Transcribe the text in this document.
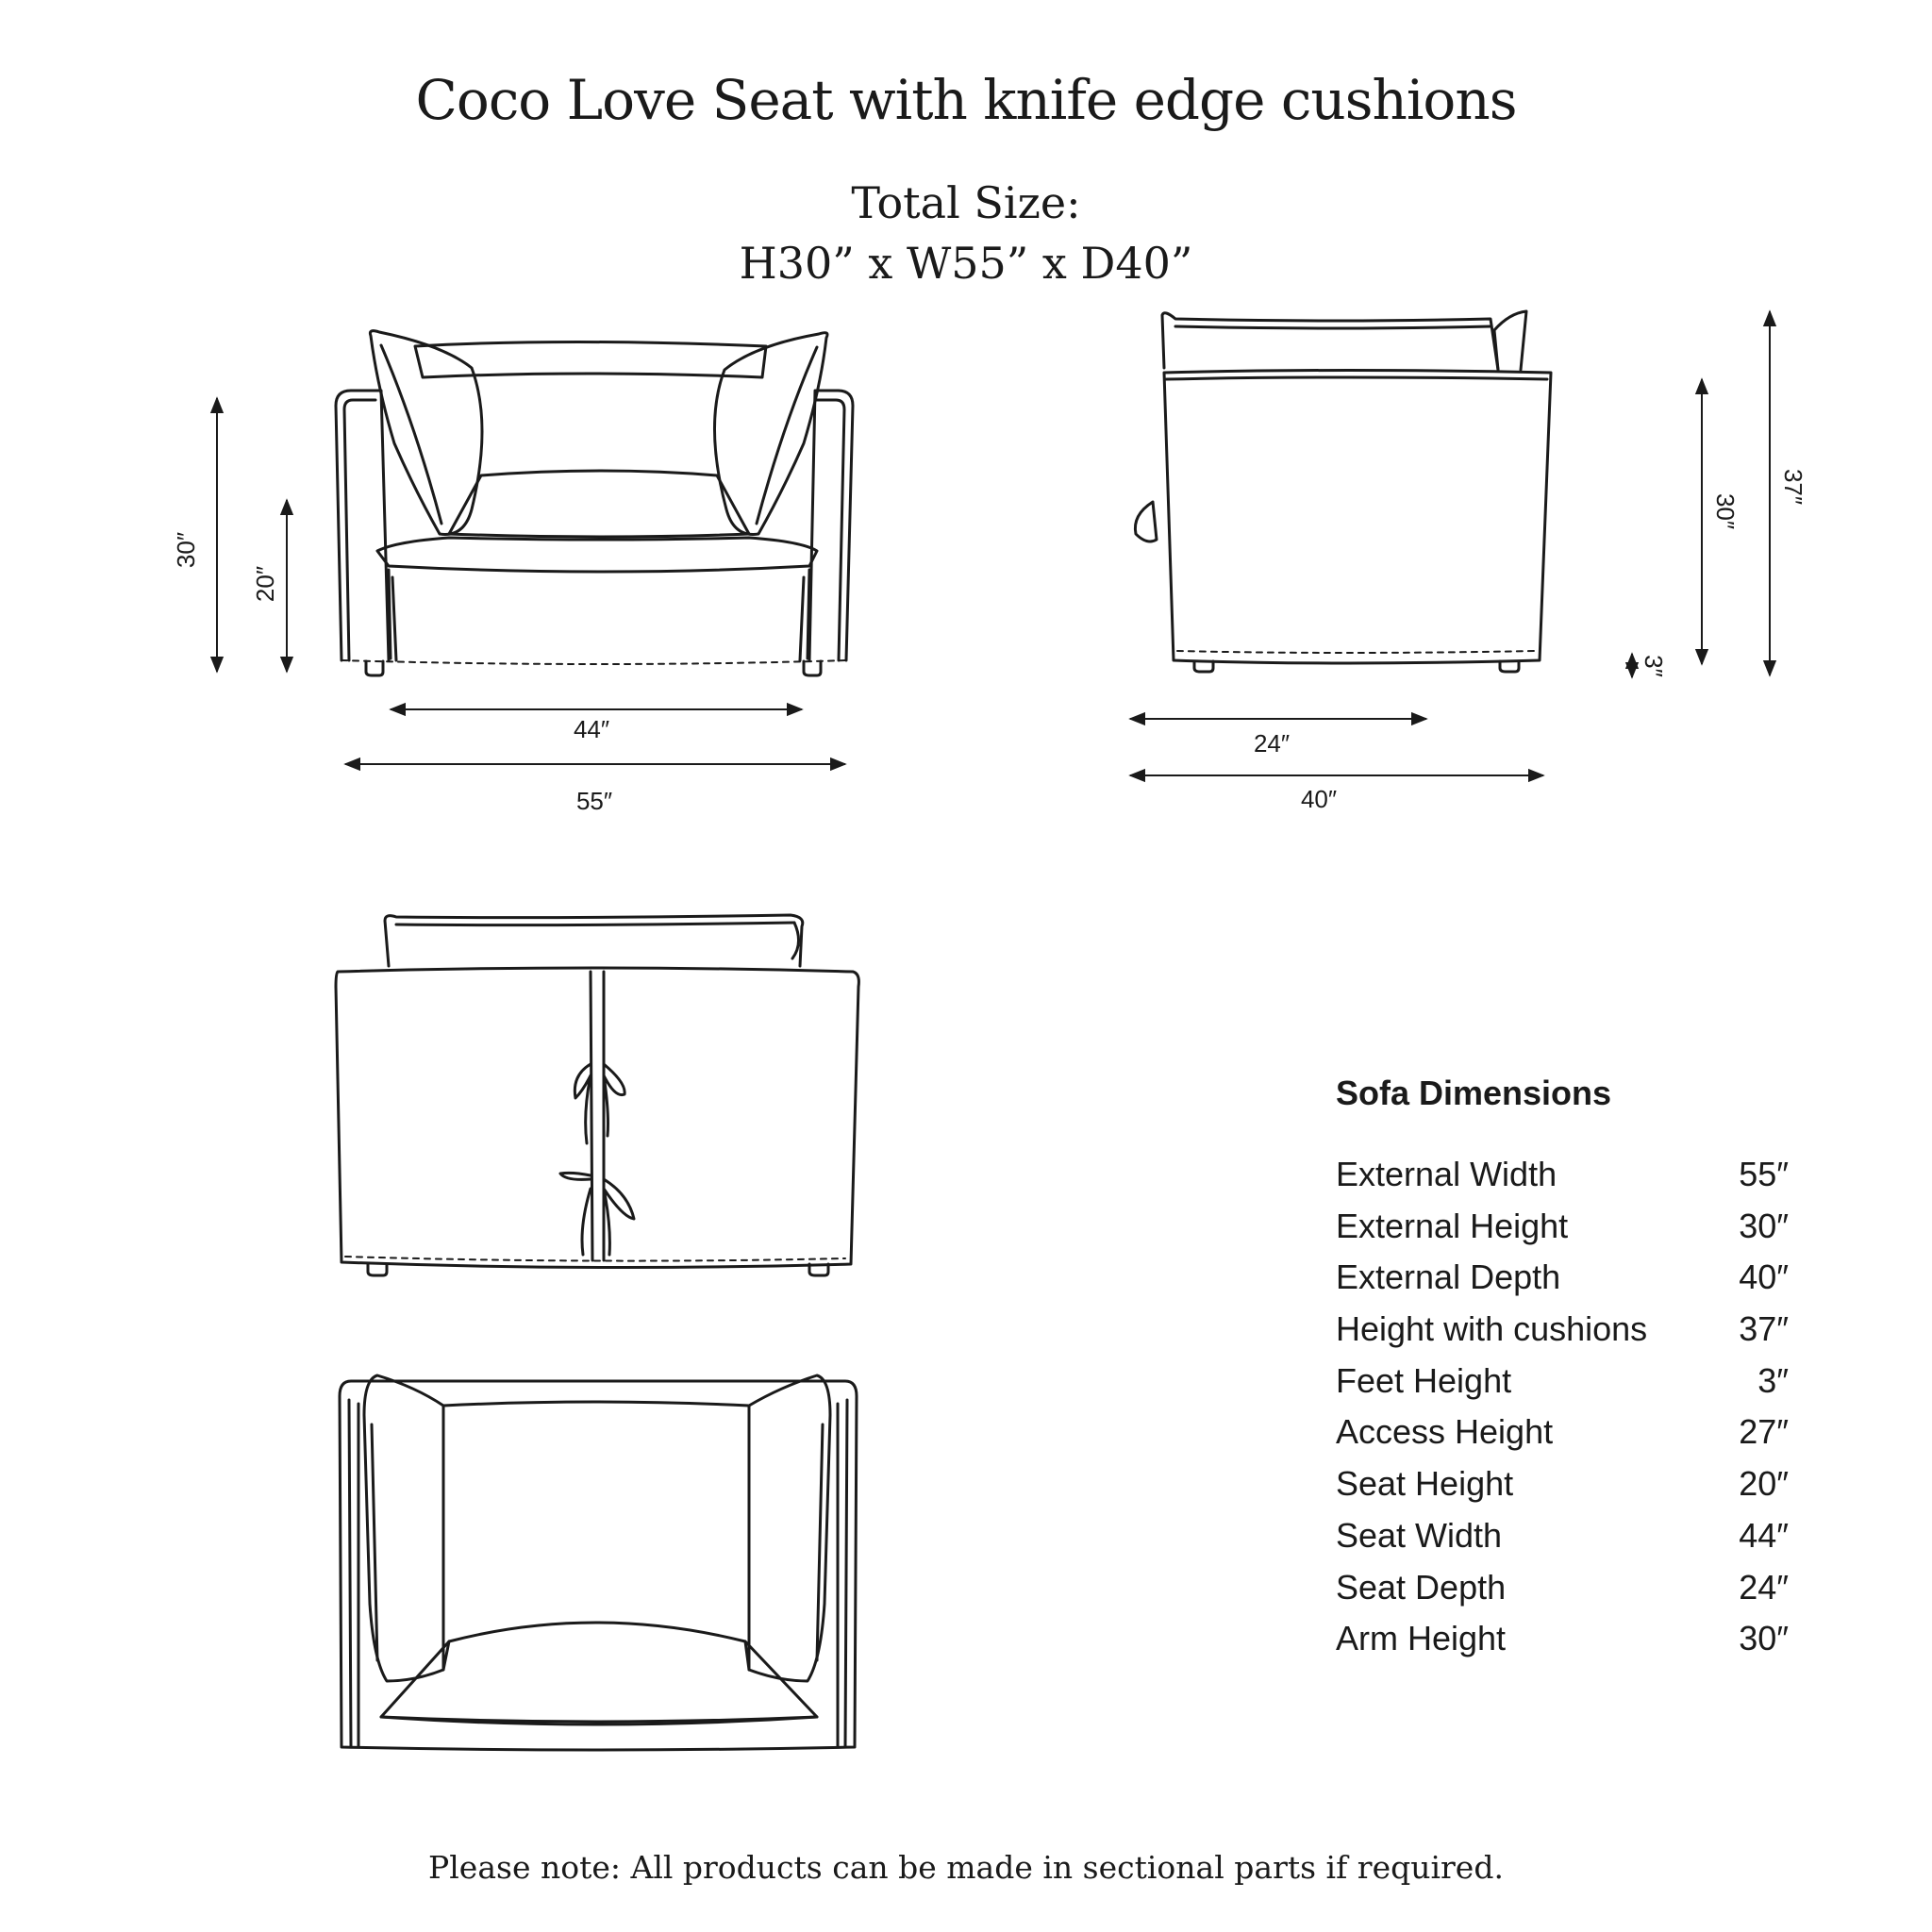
Coco Love Seat with knife edge cushions
Total Size:
H30” x W55” x D40”
30″
20″
44″
55″
24″
40″
30″
37″
3″
Sofa Dimensions
External Width	55″
External Height	30″
External Depth	40″
Height with cushions	37″
Feet Height	3″
Access Height	27″
Seat Height	20″
Seat Width	44″
Seat Depth	24″
Arm Height	30″
Please note: All products can be made in sectional parts if required.
